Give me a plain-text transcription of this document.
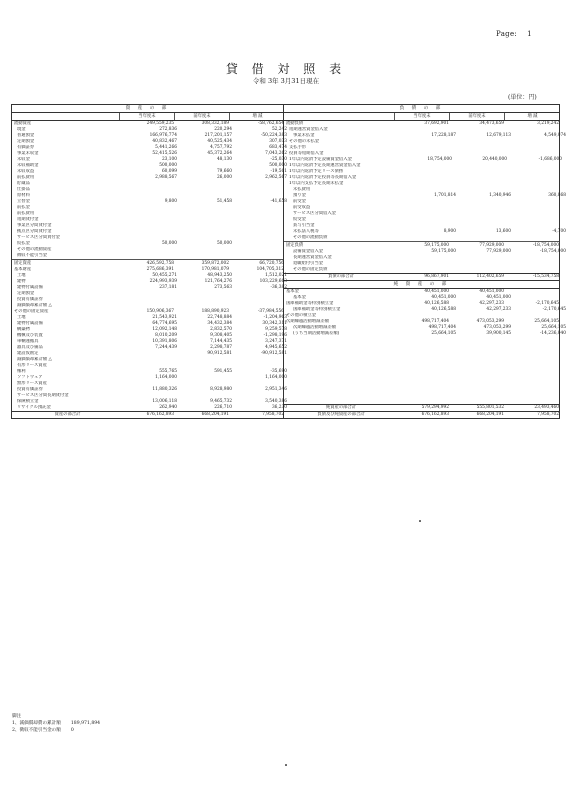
Page: 1
貸 借 対 照 表
令和 3年 3月31日現在
(単位：円)
資 産 の 部
当年度末	前年度末	増 減
流動資産	249,559,235	308,332,189	-58,762,654
現金	272,836	220,294	52,242
普通預金	166,976,774	217,201,157	-50,224,383
定期預金	40,832,467	40,525,434	307,033
有価証券	5,441,266	4,757,792	683,474
事業未収金	52,415,526	45,372,264	7,043,262
未収金	23,100	48,130	-25,030
未収補助金	500,000	500,000
未収収益	60,099	79,660	-19,561
前払費用	2,988,567	26,000	2,962,567
貯蔵品
仕掛品
原材料
立替金	9,800	51,458	-41,658
前払金
前払費用
短期貸付金
事業区分間貸付金
拠点区分間貸付金
サービス区分間貸付金
仮払金	50,000	50,000
その他の流動資産
徴収不能引当金
固定資産	426,592,758	359,872,002	66,720,756
基本財産	275,686,391	170,981,079	104,705,312
土地	50,455,271	48,943,250	1,512,021
建物	224,993,939	121,764,276	103,229,663
建物付属設備	237,181	273,563	-36,382
定期預金
投資有価証券
減価償却累計額 △
その他の固定資産	150,906,367	188,890,923	-37,984,556
土地	21,543,921	22,748,884	-1,204,963
建物付属設備	64,774,695	34,432,384	30,342,311
構築物	12,092,148	2,832,570	9,259,578
機械及び装置	8,010,209	9,308,405	-1,298,196
車輌運搬具	10,391,806	7,144,435	3,247,371
器具及び備品	7,244,439	2,298,787	4,945,652
建設仮勘定	90,912,581	-90,912,581
減価償却累計額 △
有形リース資産
権利	555,765	591,455	-35,690
ソフトウェア	1,164,000	1,164,000
無形リース資産
投資有価証券	11,880,326	8,928,980	2,951,346
サービス区分間長期貸付金
保険積立金	13,006,118	9,465,732	3,540,386
リサイクル預託金	262,940	226,710	36,230
資産の部合計	676,162,893	668,204,191	7,958,702
負 債 の 部
当年度末	前年度末	増 減
流動負債	37,692,901	34,473,659	3,219,242
短期運営資金借入金
事業未払金	17,228,187	12,679,113	4,549,074
その他の未払金
支払手形
役員等短期借入金
1年以内返済予定設備資金借入金	18,754,000	20,440,000	-1,686,000
1年以内返済予定長期運営資金借入金
1年以内返済予定リース債務
1年以内返済予定役員等長期借入金
1年以内支払予定長期未払金
未払費用
預り金	1,701,814	1,340,946	360,868
前受金
前受収益
サービス区分間借入金
仮受金
賞与引当金
未払法人税等	8,900	13,600	-4,700
その他の流動負債
固定負債	59,175,000	77,929,000	-18,754,000
設備資金借入金	59,175,000	77,929,000	-18,754,000
長期運営資金借入金
退職給付引当金
その他の固定負債
負債の部合計	96,867,901	112,402,659	-15,534,758
純 資 産 の 部
基本金	40,451,000	40,451,000
基本金	40,451,000	40,451,000
国庫補助金等特別積立金	40,126,588	42,297,233	-2,170,645
国庫補助金等特別積立金	40,126,588	42,297,233	-2,170,645
その他の積立金
次期繰越活動増減差額	498,717,404	473,053,299	25,664,105
次期繰越活動増減差額	498,717,404	473,053,299	25,664,105
(うち当期活動増減差額)	25,664,105	39,900,145	-14,236,040
純資産の部合計	579,294,992	555,801,532	23,493,460
負債及び純資産の部合計	676,162,893	668,204,191	7,958,702
脚注
1、減価償却費の累計額 189,971,894
2、徴収不能引当金の額 0
